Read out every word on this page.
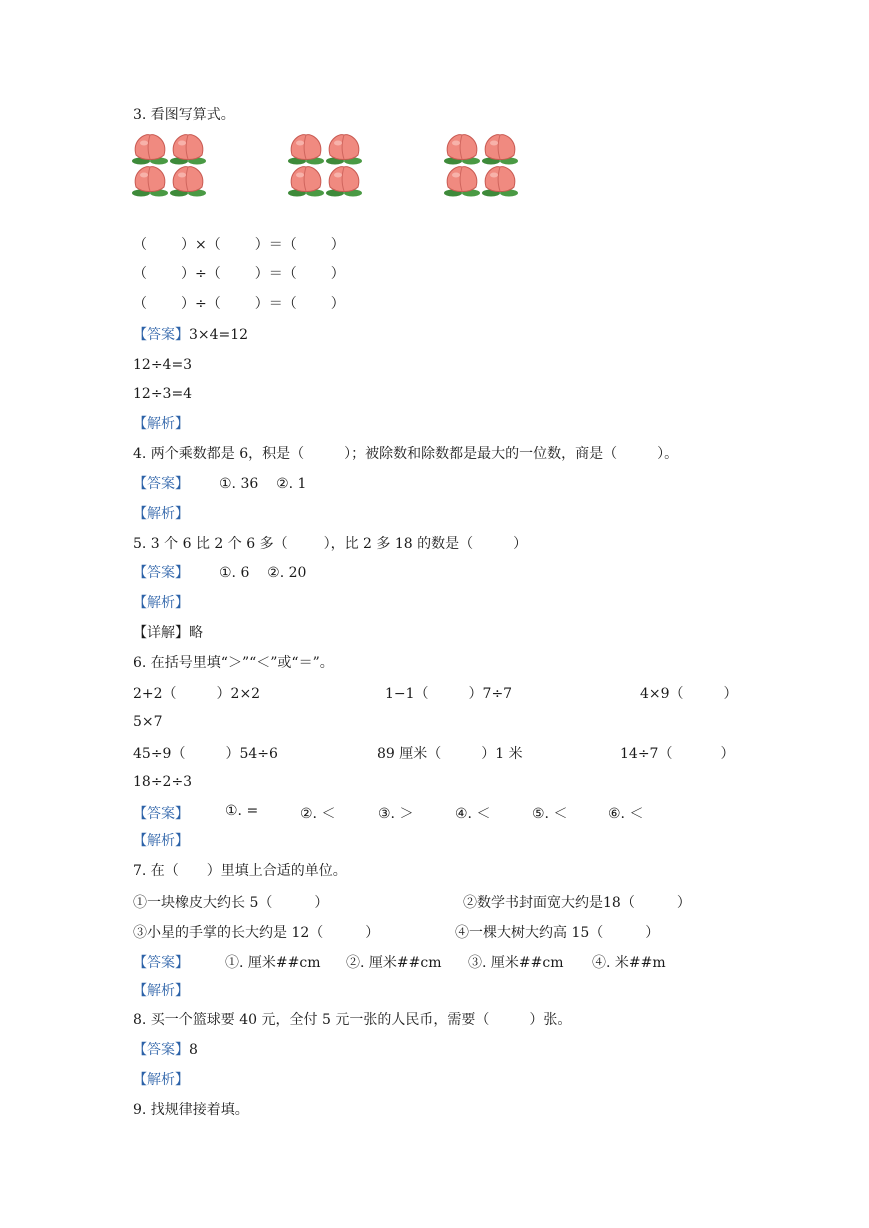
3. 看图写算式。
（ ）×（ ）＝（ ）
（ ）÷（ ）＝（ ）
（ ）÷（ ）＝（ ）
【答案】3×4=12
12÷4=3
12÷3=4
【解析】
4. 两个乘数都是 6，积是（	）；被除数和除数都是最大的一位数，商是（	）。
【答案】 ①. 36    ②. 1
【解析】
5. 3 个 6 比 2 个 6 多（	），比 2 多 18 的数是（	）
【答案】 ①. 6    ②. 20
【解析】
【详解】略
6. 在括号里填“＞”“＜”或“＝”。
2+2（	）2×2	1−1（	）7÷7	4×9（	）
5×7
45÷9（	）54÷6	89 厘米（	）1 米	14÷7（	）
18÷2÷3
【答案】	①. =	②. ＜	③. ＞	④. ＜	⑤. ＜	⑥. ＜
【解析】
7. 在（　　）里填上合适的单位。
①一块橡皮大约长 5（	）	②数学书封面宽大约是18（	）
③小星的手掌的长大约是 12（	）	④一棵大树大约高 15（	）
【答案】	①. 厘米##cm ②. 厘米##cm ③. 厘米##cm ④. 米##m
【解析】
8. 买一个篮球要 40 元，全付 5 元一张的人民币，需要（	）张。
【答案】8
【解析】
9. 找规律接着填。
